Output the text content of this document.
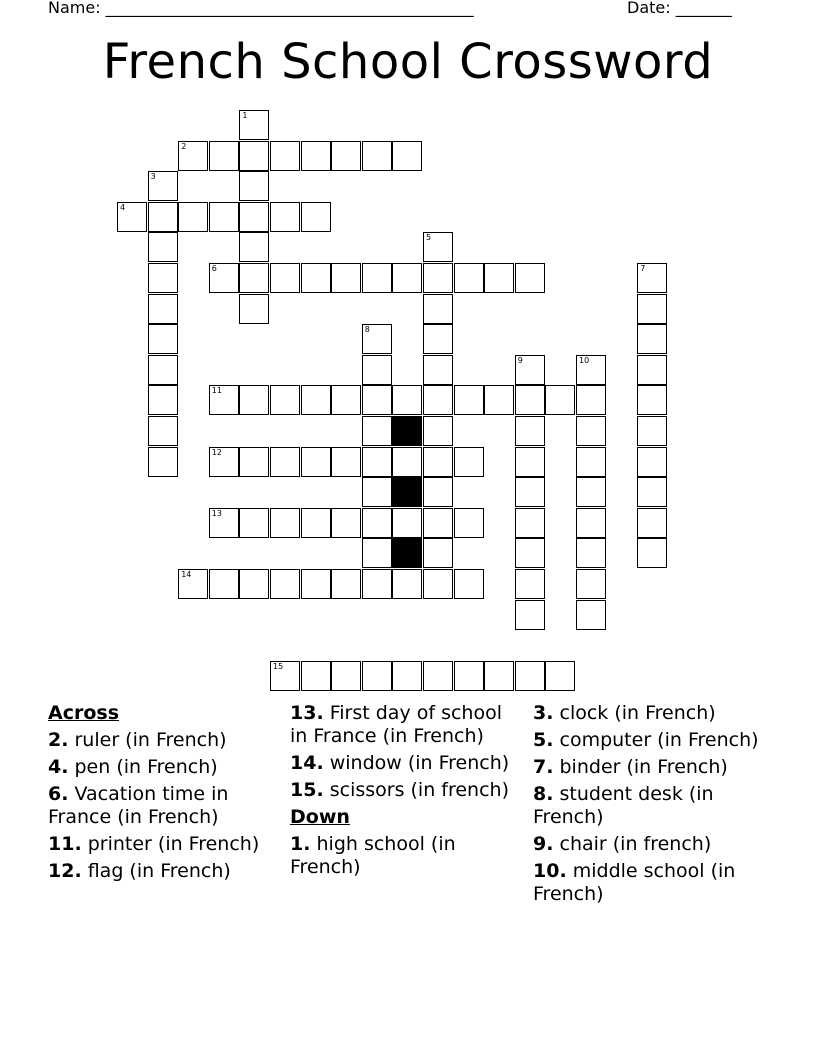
Name: ______________________________________________	Date: _______
French School Crossword
2
4
6
11
12
13
14
15
1
3
5
7
8
9	10
Across
2. ruler (in French)
4. pen (in French)
6. Vacation time in France (in French)
11. printer (in French)
12. flag (in French)
13. First day of school in France (in French)
14. window (in French)
15. scissors (in french)
Down
1. high school (in French)
3. clock (in French)
5. computer (in French)
7. binder (in French)
8. student desk (in French)
9. chair (in french)
10. middle school (in French)
